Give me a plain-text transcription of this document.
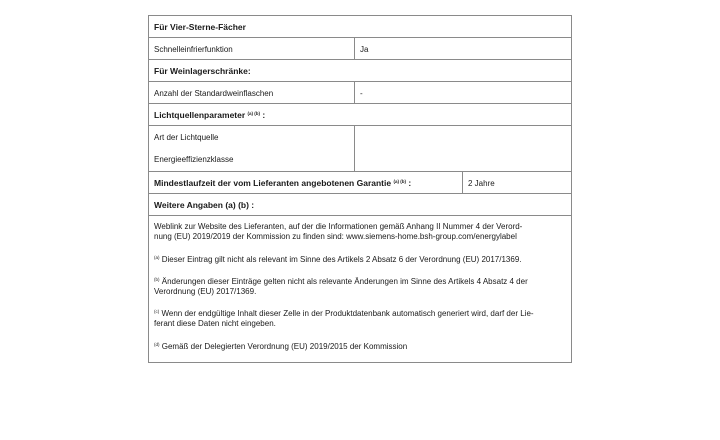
Für Vier-Sterne-Fächer
Schnelleinfrierfunktion	Ja
Für Weinlagerschränke:
Anzahl der Standardweinflaschen	-
Lichtquellenparameter $^{(a) (b)}$ :
Art der Lichtquelle
Energieeffizienzklasse
Mindestlaufzeit der vom Lieferanten angebotenen Garantie $^{(a) (b)}$ :	2 Jahre
Weitere Angaben (a) (b) :
Weblink zur Website des Lieferanten, auf der die Informationen gemäß Anhang II Nummer 4 der Verord-
nung (EU) 2019/2019 der Kommission zu finden sind: www.siemens-home.bsh-group.com/energylabel
$^{(a)}$ Dieser Eintrag gilt nicht als relevant im Sinne des Artikels 2 Absatz 6 der Verordnung (EU) 2017/1369.
$^{(b)}$ Änderungen dieser Einträge gelten nicht als relevante Änderungen im Sinne des Artikels 4 Absatz 4 der
Verordnung (EU) 2017/1369.
$^{(c)}$ Wenn der endgültige Inhalt dieser Zelle in der Produktdatenbank automatisch generiert wird, darf der Lie-
ferant diese Daten nicht eingeben.
$^{(d)}$ Gemäß der Delegierten Verordnung (EU) 2019/2015 der Kommission
